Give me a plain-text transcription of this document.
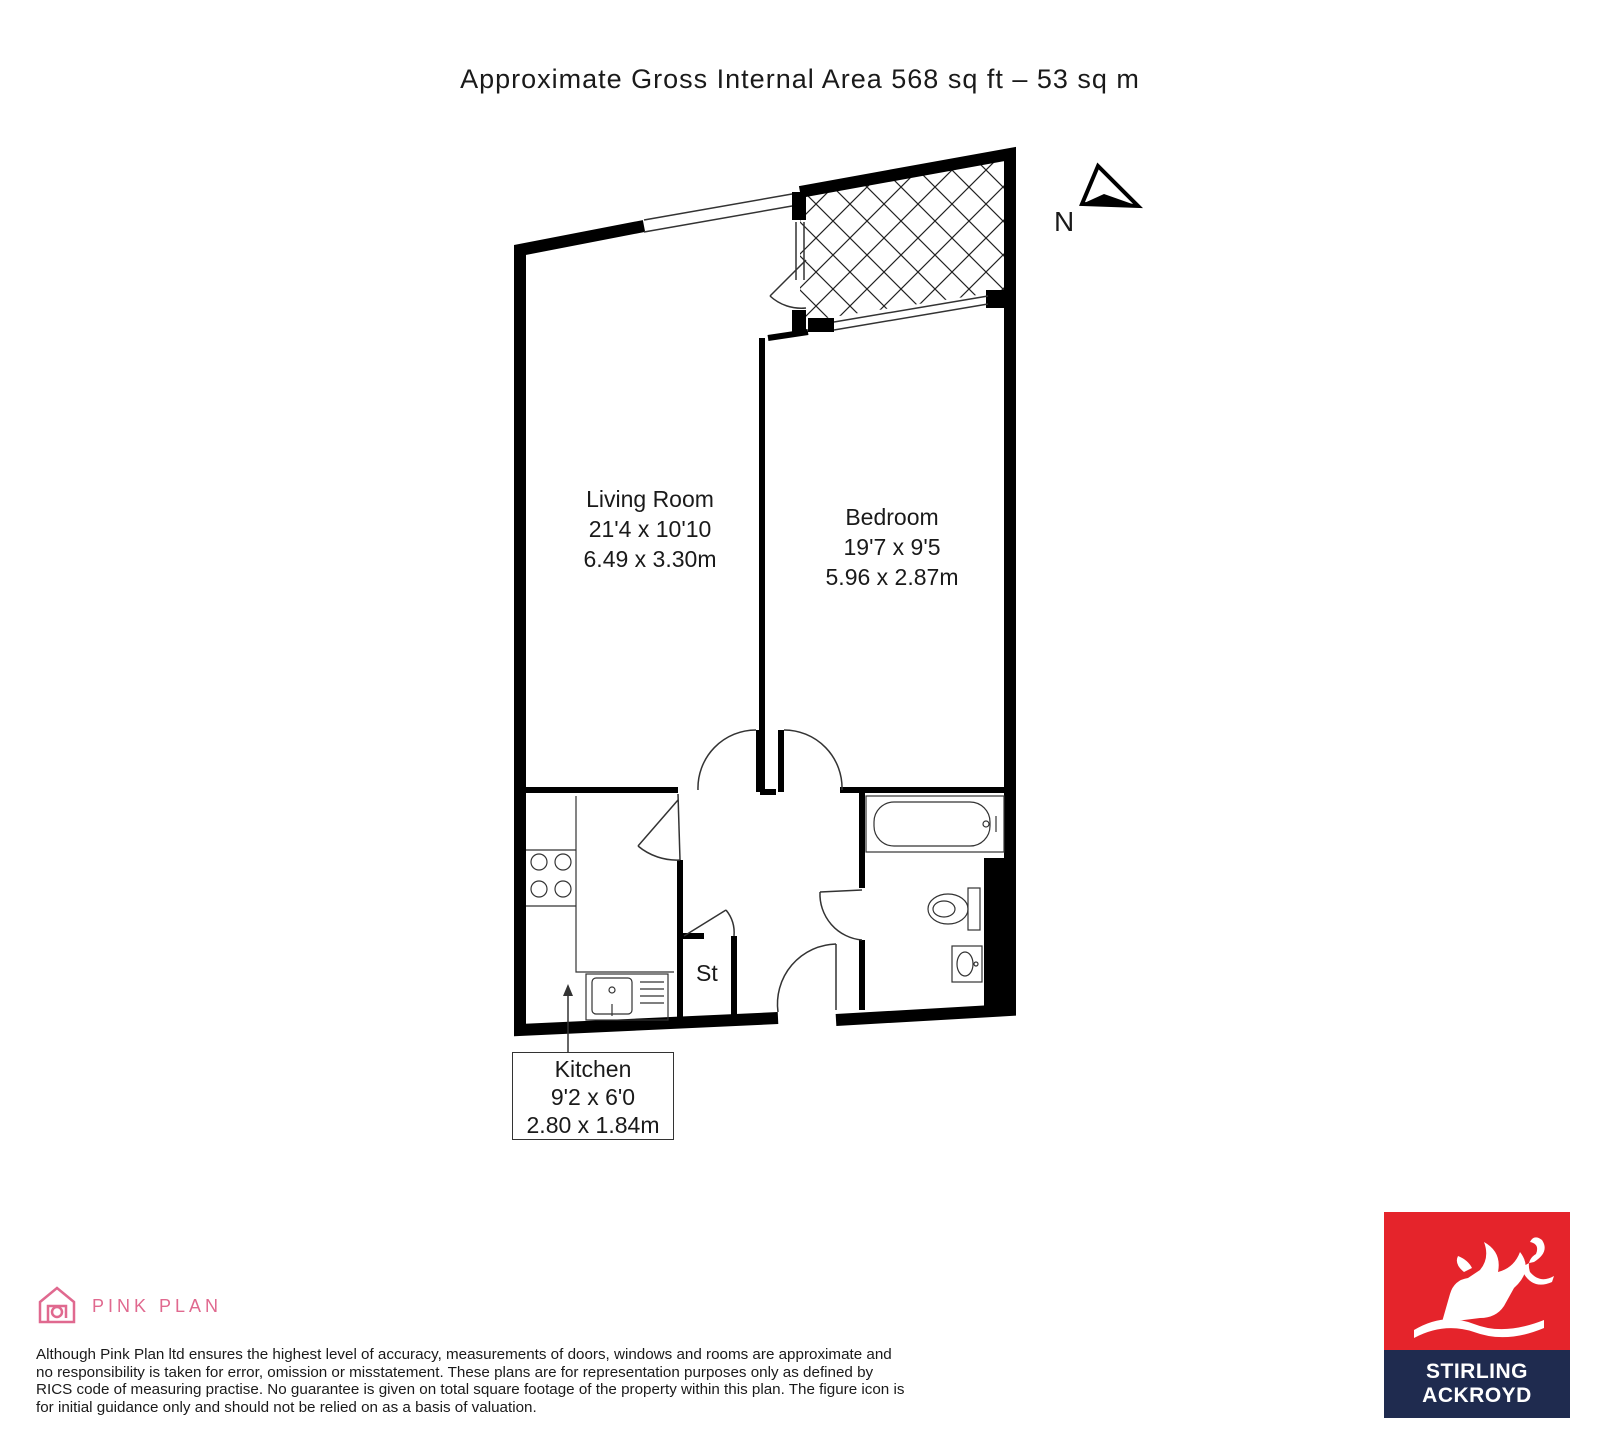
Approximate Gross Internal Area 568 sq ft – 53 sq m
Living Room
21'4 x 10'10
6.49 x 3.30m
Bedroom
19'7 x 9'5
5.96 x 2.87m
St
Kitchen
9'2 x 6'0
2.80 x 1.84m
N
PINK PLAN
Although Pink Plan ltd ensures the highest level of accuracy, measurements of doors, windows and rooms are approximate and no responsibility is taken for error, omission or misstatement. These plans are for representation purposes only as defined by RICS code of measuring practise. No guarantee is given on total square footage of the property within this plan. The figure icon is for initial guidance only and should not be relied on as a basis of valuation.
STIRLING
ACKROYD
